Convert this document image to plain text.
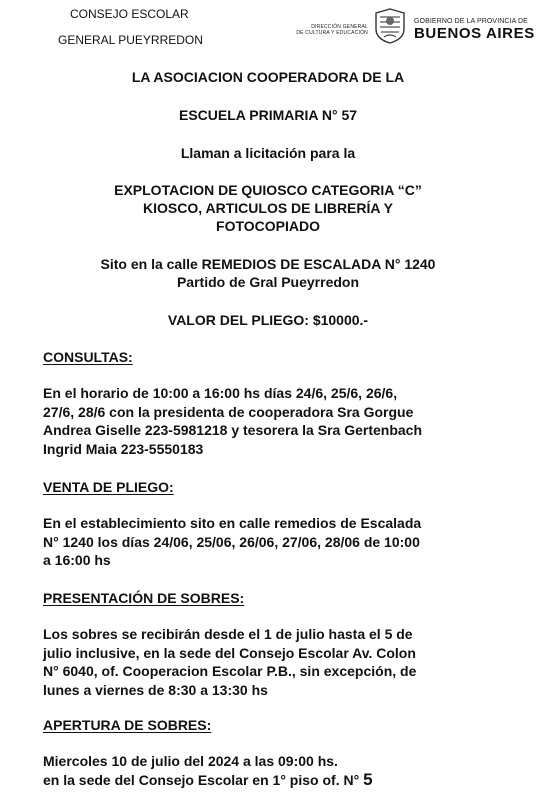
CONSEJO ESCOLAR
GENERAL PUEYRREDON
DIRECCIÓN GENERAL
DE CULTURA Y EDUCACIÓN
GOBIERNO DE LA PROVINCIA DE
BUENOS AIRES
LA ASOCIACION COOPERADORA DE LA
ESCUELA PRIMARIA N° 57
Llaman a licitación para la
EXPLOTACION DE QUIOSCO CATEGORIA “C”
KIOSCO, ARTICULOS DE LIBRERÍA Y
FOTOCOPIADO
Sito en la calle REMEDIOS DE ESCALADA N° 1240
Partido de Gral Pueyrredon
VALOR DEL PLIEGO: $10000.-
CONSULTAS:
En el horario de 10:00 a 16:00 hs días 24/6, 25/6, 26/6,
27/6, 28/6 con la presidenta de cooperadora Sra Gorgue
Andrea Giselle 223-5981218 y tesorera la Sra Gertenbach
Ingrid Maia 223-5550183
VENTA DE PLIEGO:
En el establecimiento sito en calle remedios de Escalada
N° 1240 los días 24/06, 25/06, 26/06, 27/06, 28/06 de 10:00
a 16:00 hs
PRESENTACIÓN DE SOBRES:
Los sobres se recibirán desde el 1 de julio hasta el 5 de
julio inclusive, en la sede del Consejo Escolar Av. Colon
N° 6040, of. Cooperacion Escolar P.B., sin excepción, de
lunes a viernes de 8:30 a 13:30 hs
APERTURA DE SOBRES:
Miercoles 10 de julio del 2024 a las 09:00 hs.
en la sede del Consejo Escolar en 1° piso of. N° 5
